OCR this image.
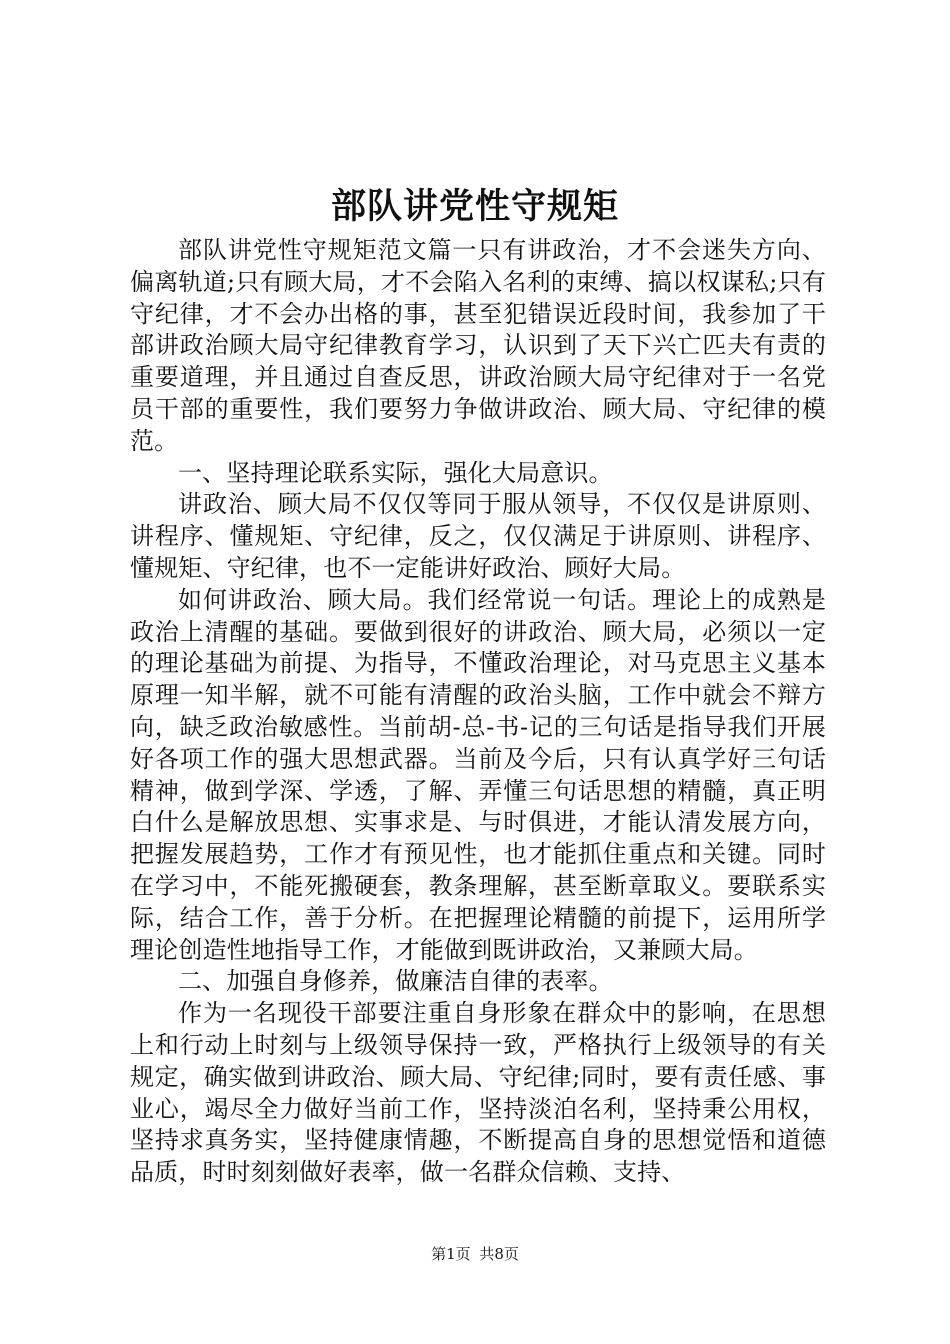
部队讲党性守规矩

部队讲党性守规矩范文篇一只有讲政治，才不会迷失方向、偏离轨道;只有顾大局，才不会陷入名利的束缚、搞以权谋私;只有守纪律，才不会办出格的事，甚至犯错误近段时间，我参加了干部讲政治顾大局守纪律教育学习，认识到了天下兴亡匹夫有责的重要道理，并且通过自查反思，讲政治顾大局守纪律对于一名党员干部的重要性，我们要努力争做讲政治、顾大局、守纪律的模范。

一、坚持理论联系实际，强化大局意识。

讲政治、顾大局不仅仅等同于服从领导，不仅仅是讲原则、讲程序、懂规矩、守纪律，反之，仅仅满足于讲原则、讲程序、懂规矩、守纪律，也不一定能讲好政治、顾好大局。

如何讲政治、顾大局。我们经常说一句话。理论上的成熟是政治上清醒的基础。要做到很好的讲政治、顾大局，必须以一定的理论基础为前提、为指导，不懂政治理论，对马克思主义基本原理一知半解，就不可能有清醒的政治头脑，工作中就会不辩方向，缺乏政治敏感性。当前胡-总-书-记的三句话是指导我们开展好各项工作的强大思想武器。当前及今后，只有认真学好三句话精神，做到学深、学透，了解、弄懂三句话思想的精髓，真正明白什么是解放思想、实事求是、与时俱进，才能认清发展方向，把握发展趋势，工作才有预见性，也才能抓住重点和关键。同时在学习中，不能死搬硬套，教条理解，甚至断章取义。要联系实际，结合工作，善于分析。在把握理论精髓的前提下，运用所学理论创造性地指导工作，才能做到既讲政治，又兼顾大局。

二、加强自身修养，做廉洁自律的表率。

作为一名现役干部要注重自身形象在群众中的影响，在思想上和行动上时刻与上级领导保持一致，严格执行上级领导的有关规定，确实做到讲政治、顾大局、守纪律;同时，要有责任感、事业心，竭尽全力做好当前工作，坚持淡泊名利，坚持秉公用权，坚持求真务实，坚持健康情趣，不断提高自身的思想觉悟和道德品质，时时刻刻做好表率，做一名群众信赖、支持、

第1页 共8页
